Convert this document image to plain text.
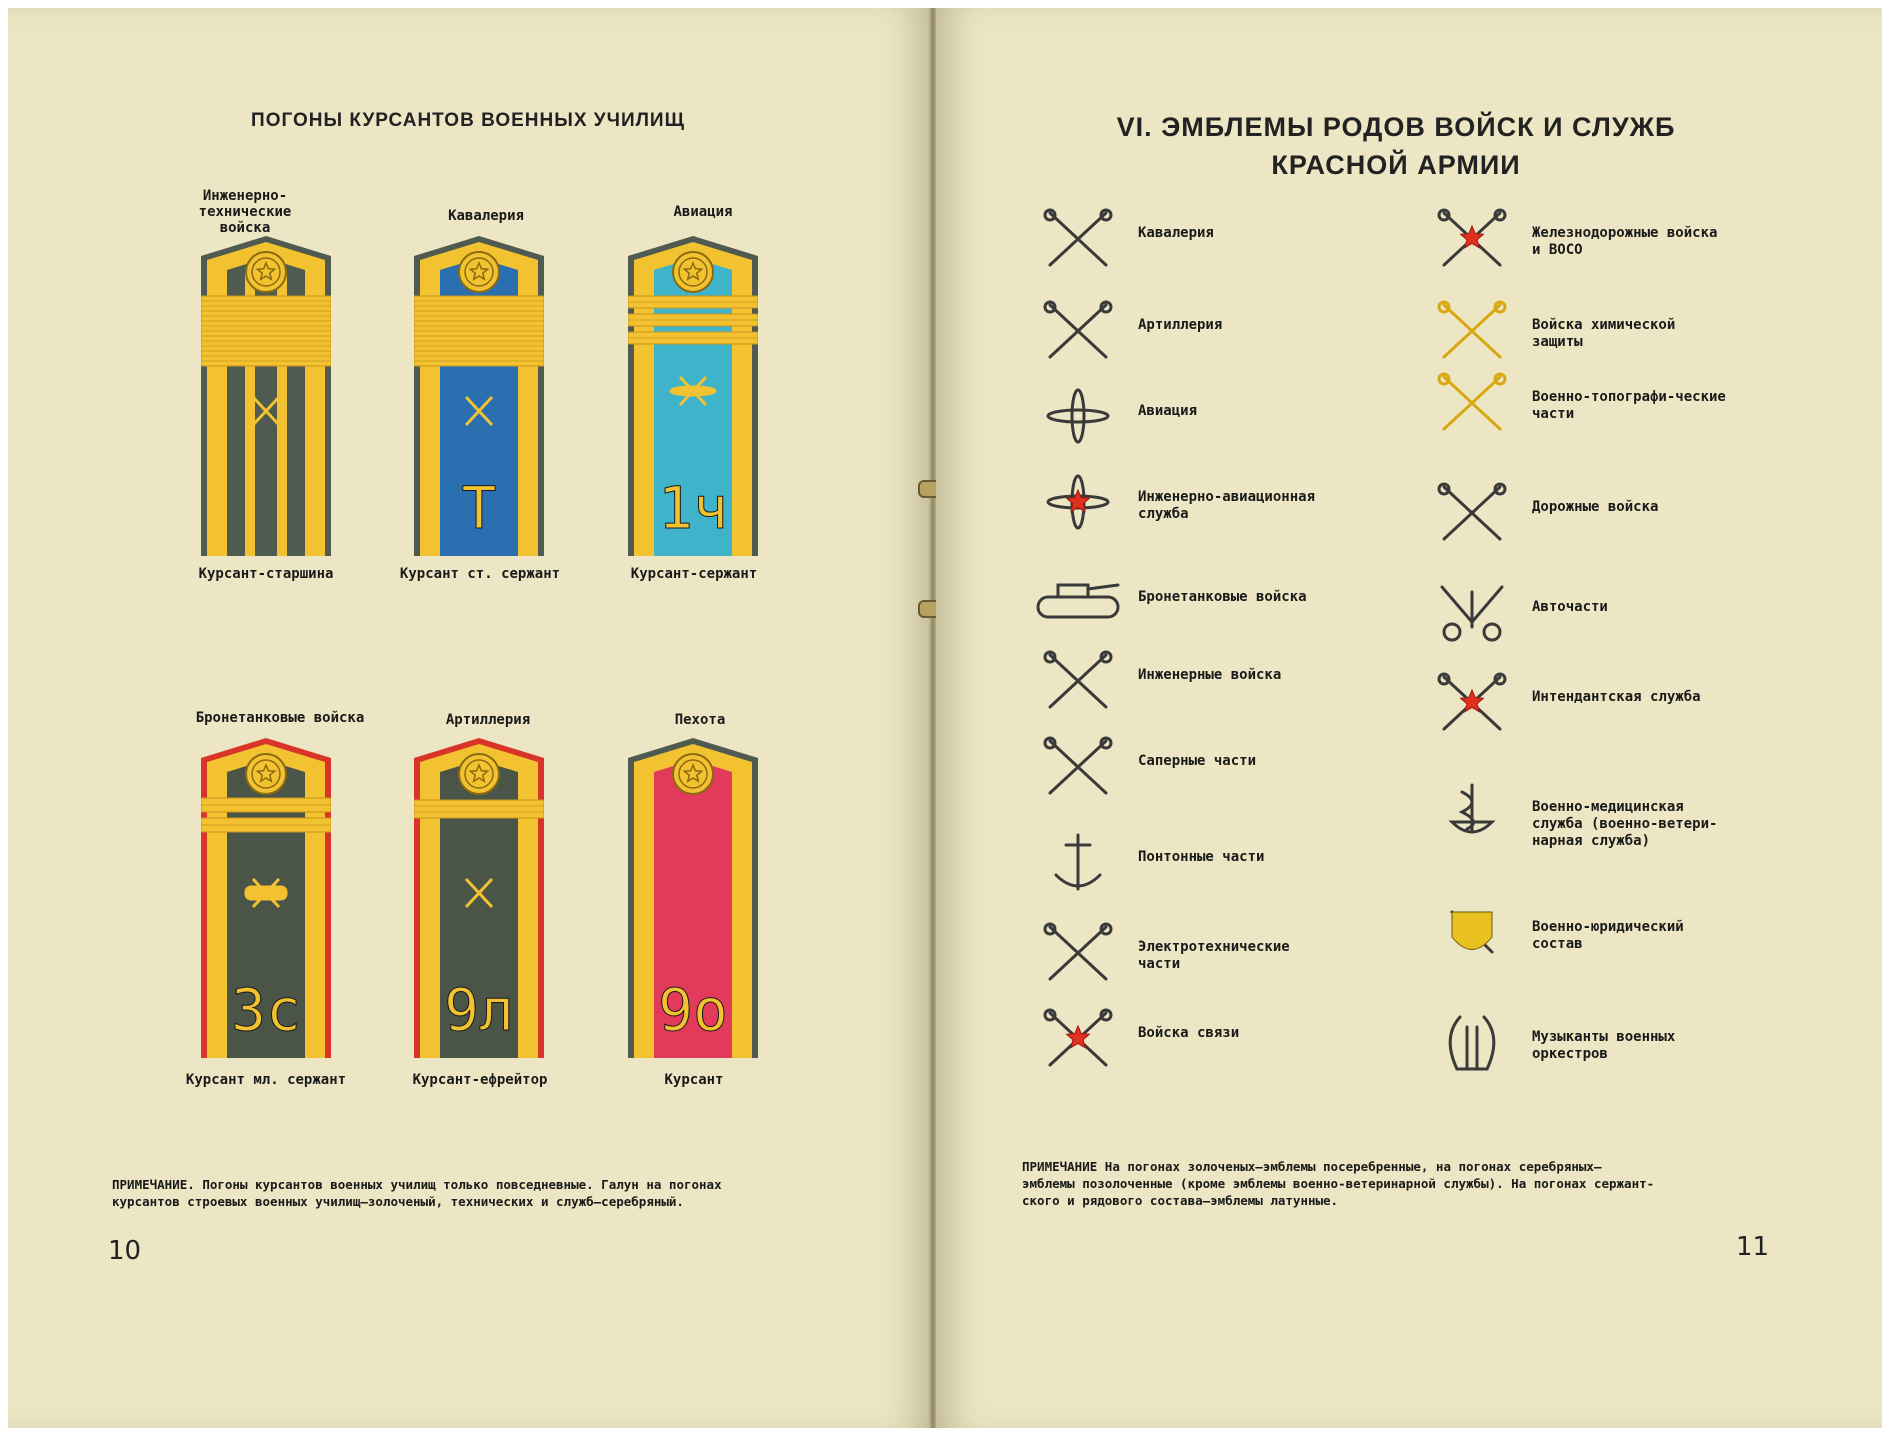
ПОГОНЫ КУРСАНТОВ ВОЕННЫХ УЧИЛИЩ
Инженерно-технические войска
Кавалерия	Авиация
Бронетанковые войска	Артиллерия	Пехота
Т	1ч
3с 9л 9о
Курсант-старшина	Курсант ст. сержант	Курсант-сержант
Курсант мл. сержант	Курсант-ефрейтор	Курсант
ПРИМЕЧАНИЕ. Погоны курсантов военных училищ только повседневные. Галун на погонах
курсантов строевых военных училищ—золоченый, технических и служб—серебряный.
10
VI. ЭМБЛЕМЫ РОДОВ ВОЙСК И СЛУЖБ
КРАСНОЙ АРМИИ
Кавалерия
Артиллерия
Авиация
Инженерно-авиационная служба
Бронетанковые войска
Инженерные войска
Саперные части
Понтонные части
Электротехнические части
Войска связи
Железнодорожные войска и ВОСО
Войска химической защиты
Военно-топографи-ческие части
Дорожные войска
Авточасти
Интендантская служба
Военно-медицинская служба (военно-ветери-нарная служба)
Военно-юридический состав
Музыканты военных оркестров
ПРИМЕЧАНИЕ На погонах золоченых—эмблемы посеребренные, на погонах серебряных—
эмблемы позолоченные (кроме эмблемы военно-ветеринарной службы). На погонах сержант-
ского и рядового состава—эмблемы латунные.
11
